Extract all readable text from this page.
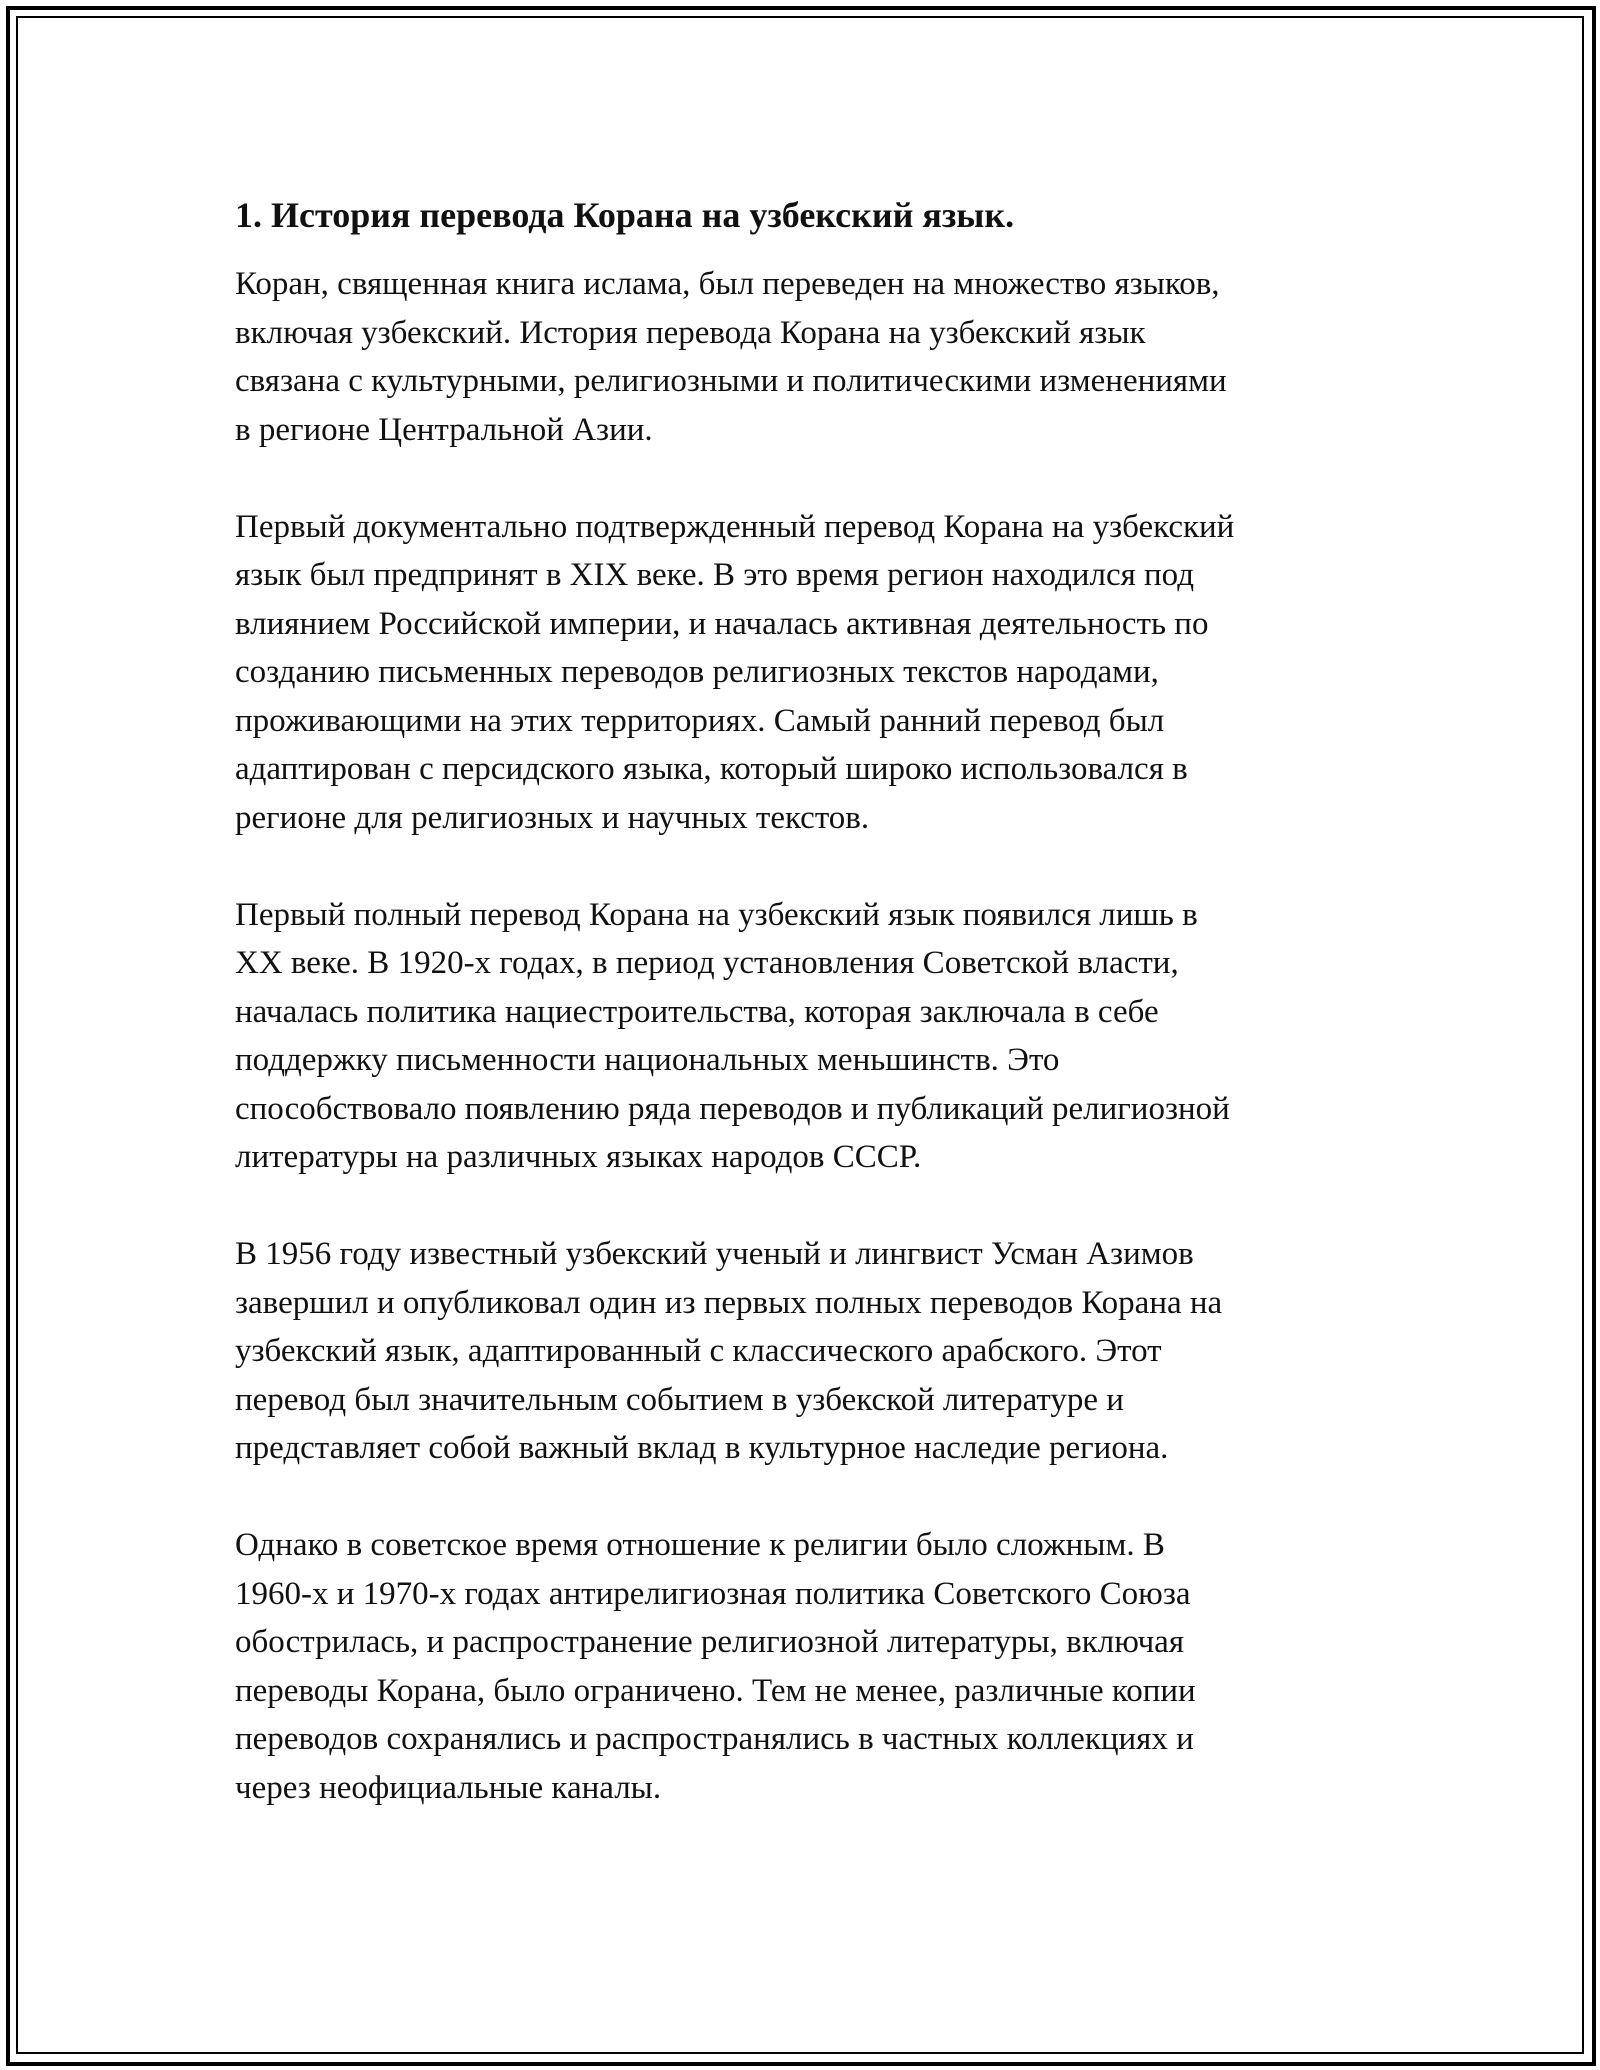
1. История перевода Корана на узбекский язык.

Коран, священная книга ислама, был переведен на множество языков,
включая узбекский. История перевода Корана на узбекский язык
связана с культурными, религиозными и политическими изменениями
в регионе Центральной Азии.

Первый документально подтвержденный перевод Корана на узбекский
язык был предпринят в XIX веке. В это время регион находился под
влиянием Российской империи, и началась активная деятельность по
созданию письменных переводов религиозных текстов народами,
проживающими на этих территориях. Самый ранний перевод был
адаптирован с персидского языка, который широко использовался в
регионе для религиозных и научных текстов.

Первый полный перевод Корана на узбекский язык появился лишь в
XX веке. В 1920-х годах, в период установления Советской власти,
началась политика нациестроительства, которая заключала в себе
поддержку письменности национальных меньшинств. Это
способствовало появлению ряда переводов и публикаций религиозной
литературы на различных языках народов СССР.

В 1956 году известный узбекский ученый и лингвист Усман Азимов
завершил и опубликовал один из первых полных переводов Корана на
узбекский язык, адаптированный с классического арабского. Этот
перевод был значительным событием в узбекской литературе и
представляет собой важный вклад в культурное наследие региона.

Однако в советское время отношение к религии было сложным. В
1960-х и 1970-х годах антирелигиозная политика Советского Союза
обострилась, и распространение религиозной литературы, включая
переводы Корана, было ограничено. Тем не менее, различные копии
переводов сохранялись и распространялись в частных коллекциях и
через неофициальные каналы.
